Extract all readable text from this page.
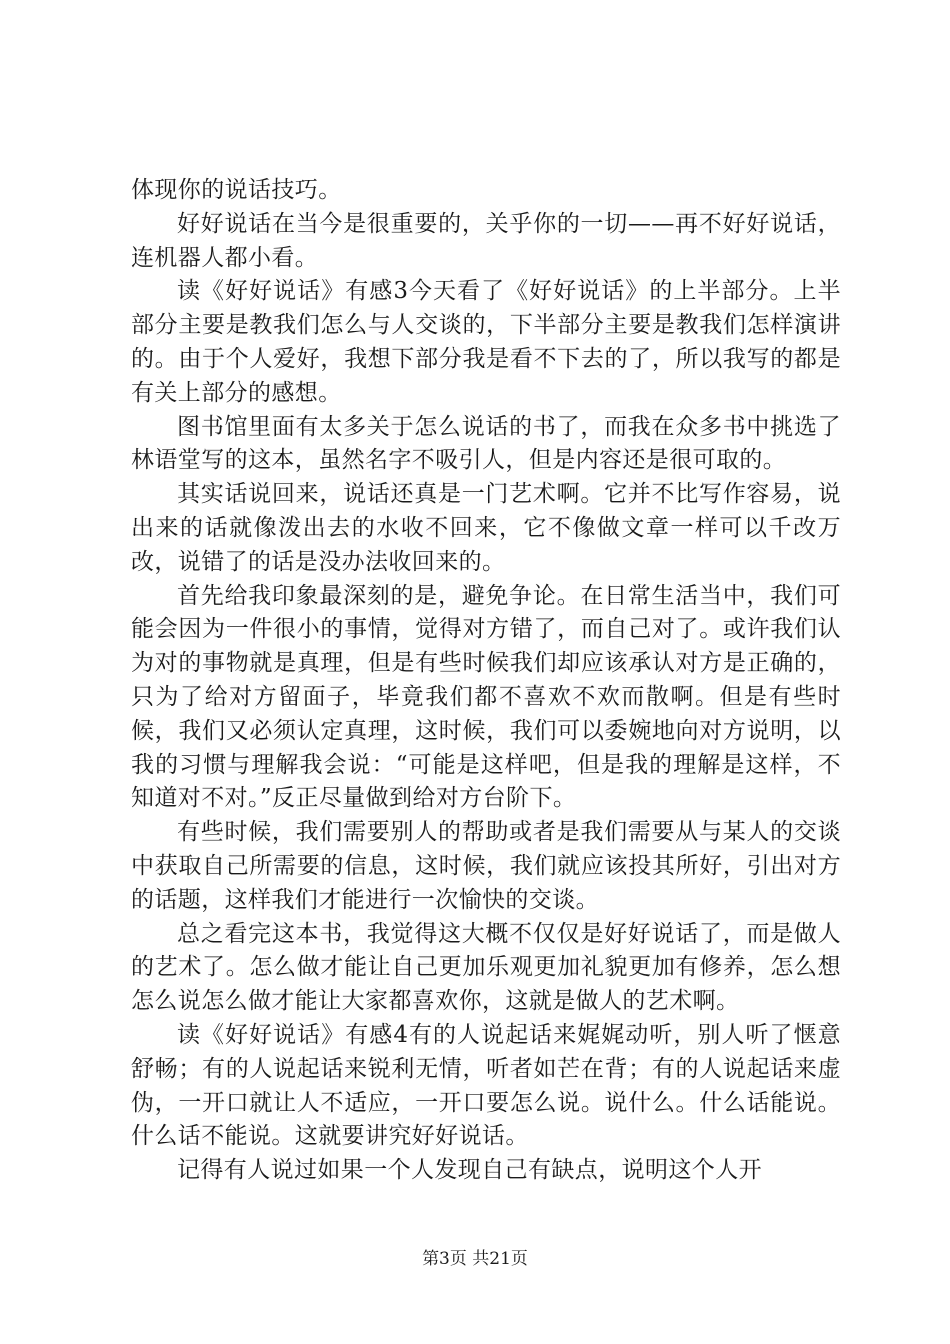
体现你的说话技巧。

好好说话在当今是很重要的，关乎你的一切——再不好好说话，连机器人都小看。

读《好好说话》有感3今天看了《好好说话》的上半部分。上半部分主要是教我们怎么与人交谈的，下半部分主要是教我们怎样演讲的。由于个人爱好，我想下部分我是看不下去的了，所以我写的都是有关上部分的感想。

图书馆里面有太多关于怎么说话的书了，而我在众多书中挑选了林语堂写的这本，虽然名字不吸引人，但是内容还是很可取的。

其实话说回来，说话还真是一门艺术啊。它并不比写作容易，说出来的话就像泼出去的水收不回来，它不像做文章一样可以千改万改，说错了的话是没办法收回来的。

首先给我印象最深刻的是，避免争论。在日常生活当中，我们可能会因为一件很小的事情，觉得对方错了，而自己对了。或许我们认为对的事物就是真理，但是有些时候我们却应该承认对方是正确的，只为了给对方留面子，毕竟我们都不喜欢不欢而散啊。但是有些时候，我们又必须认定真理，这时候，我们可以委婉地向对方说明，以我的习惯与理解我会说：“可能是这样吧，但是我的理解是这样，不知道对不对。”反正尽量做到给对方台阶下。

有些时候，我们需要别人的帮助或者是我们需要从与某人的交谈中获取自己所需要的信息，这时候，我们就应该投其所好，引出对方的话题，这样我们才能进行一次愉快的交谈。

总之看完这本书，我觉得这大概不仅仅是好好说话了，而是做人的艺术了。怎么做才能让自己更加乐观更加礼貌更加有修养，怎么想怎么说怎么做才能让大家都喜欢你，这就是做人的艺术啊。

读《好好说话》有感4有的人说起话来娓娓动听，别人听了惬意舒畅；有的人说起话来锐利无情，听者如芒在背；有的人说起话来虚伪，一开口就让人不适应，一开口要怎么说。说什么。什么话能说。什么话不能说。这就要讲究好好说话。

记得有人说过如果一个人发现自己有缺点，说明这个人开

第3页 共21页
